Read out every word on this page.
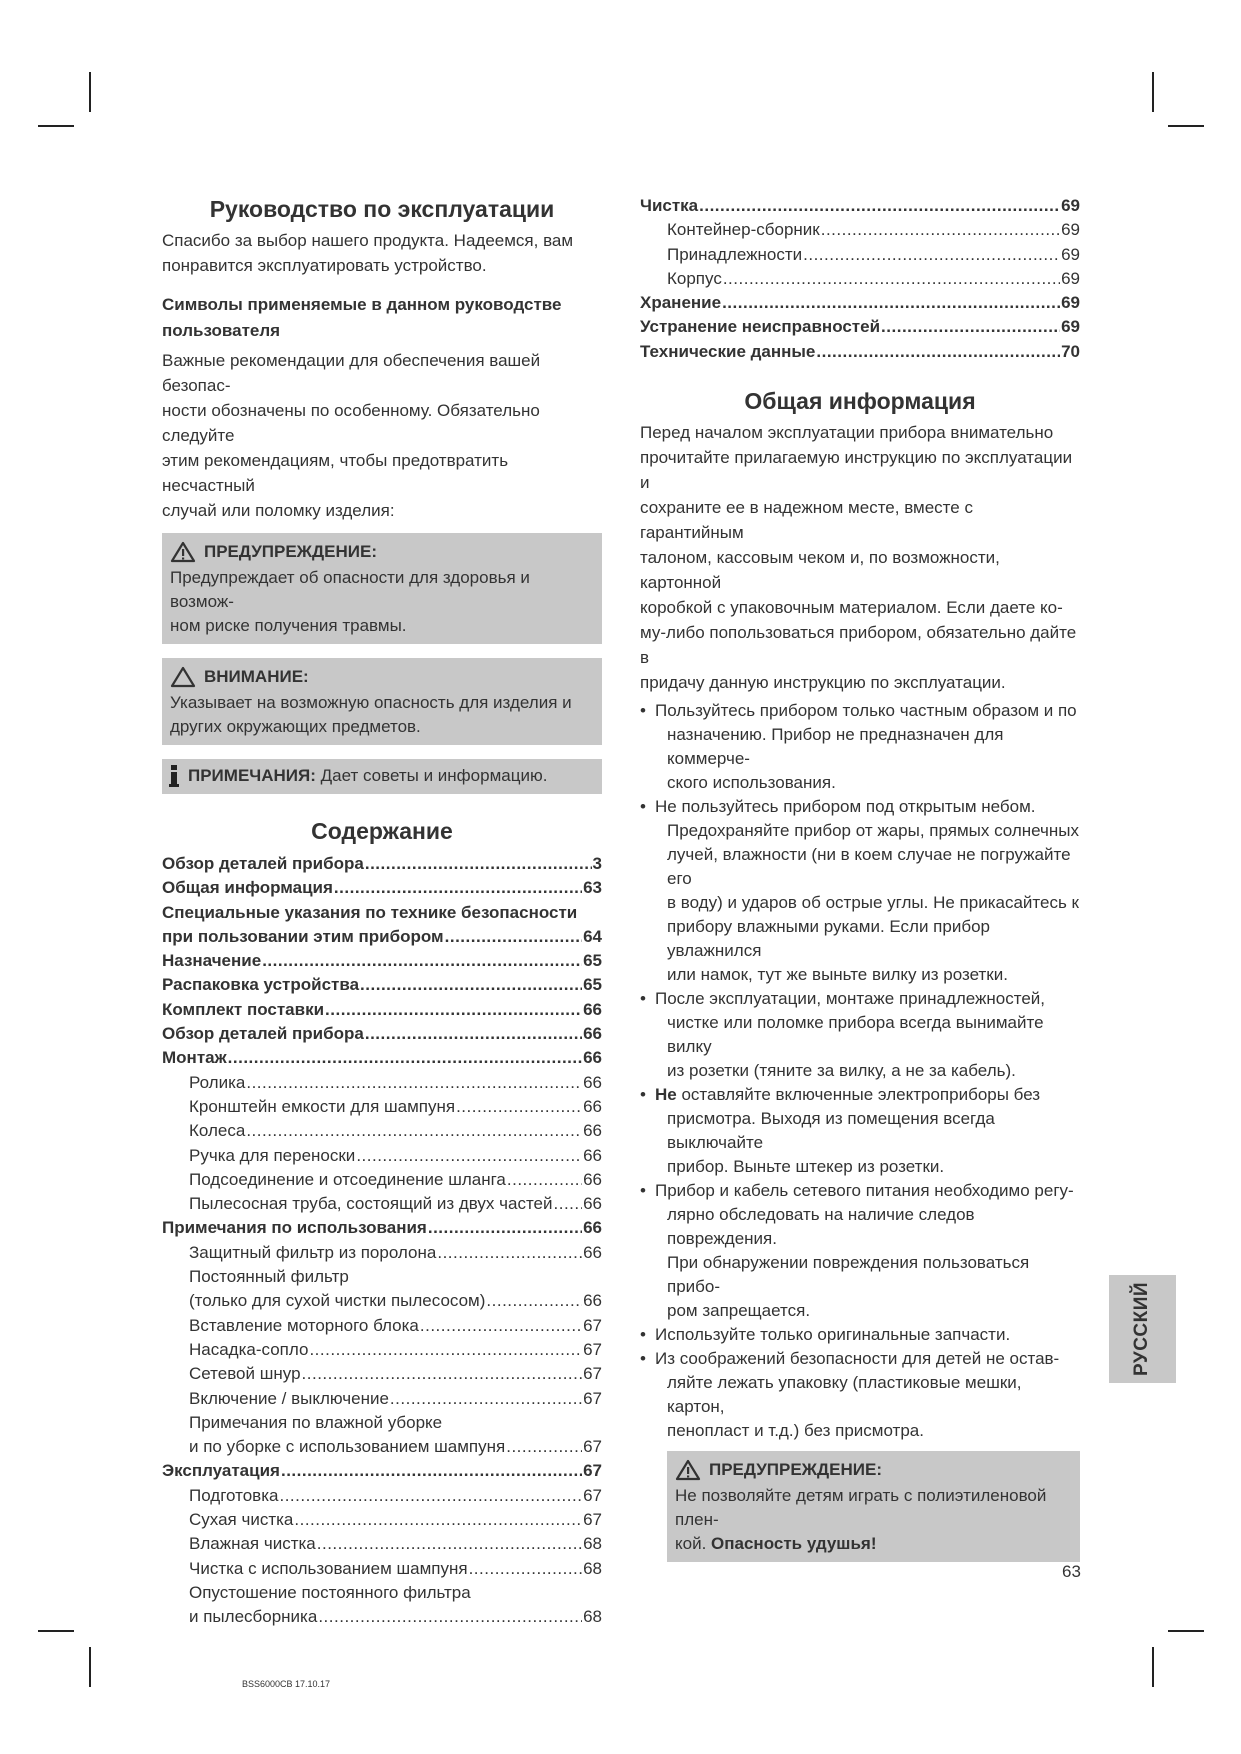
Руководство по эксплуатации

Спасибо за выбор нашего продукта. Надеемся, вам
понравится эксплуатировать устройство.

Символы применяемые в данном руководстве
пользователя

Важные рекомендации для обеспечения вашей безопас-
ности обозначены по особенному. Обязательно следуйте
этим рекомендациям, чтобы предотвратить несчастный
случай или поломку изделия:

ПРЕДУПРЕЖДЕНИЕ:
Предупреждает об опасности для здоровья и возмож-
ном риске получения травмы.
ВНИМАНИЕ:
Указывает на возможную опасность для изделия и
других окружающих предметов.
ПРИМЕЧАНИЯ: Дает советы и информацию.
Содержание
Обзор деталей прибора .....	3
Общая информация .....	63
Специальные указания по технике безопасности
при пользовании этим прибором .....	64
Назначение .....	65
Распаковка устройства .....	65
Комплект поставки .....	66
Обзор деталей прибора .....	66
Монтаж .....	66
Ролика .....	66
Кронштейн емкости для шампуня .....	66
Колеса .....	66
Ручка для переноски .....	66
Подсоединение и отсоединение шланга .....	66
Пылесосная труба, состоящий из двух частей ..... 66
Примечания по использования .....	66
Защитный фильтр из поролона .....	66
Постоянный фильтр
(только для сухой чистки пылесосом) .....	66
Вставление моторного блока .....	67
Насадка-сопло .....	67
Сетевой шнур .....	67
Включение / выключение .....	67
Примечания по влажной уборке
и по уборке с использованием шампуня .....	67
Эксплуатация .....	67
Подготовка .....	67
Сухая чистка .....	67
Влажная чистка .....	68
Чистка с использованием шампуня .....	68
Опустошение постоянного фильтра
и пылесборника .....	68
Чистка .....	69
Контейнер-сборник .....	69
Принадлежности .....	69
Корпус .....	69
Хранение .....	69
Устранение неисправностей .....	69
Технические данные .....	70
Общая информация

Перед началом эксплуатации прибора внимательно
прочитайте прилагаемую инструкцию по эксплуатации и
сохраните ее в надежном месте, вместе с гарантийным
талоном, кассовым чеком и, по возможности, картонной
коробкой с упаковочным материалом. Если даете ко-
му-либо попользоваться прибором, обязательно дайте в
придачу данную инструкцию по эксплуатации.

• Пользуйтесь прибором только частным образом и по
назначению. Прибор не предназначен для коммерче-
ского использования.
• Не пользуйтесь прибором под открытым небом.
Предохраняйте прибор от жары, прямых солнечных
лучей, влажности (ни в коем случае не погружайте его
в воду) и ударов об острые углы. Не прикасайтесь к
прибору влажными руками. Если прибор увлажнился
или намок, тут же выньте вилку из розетки.
• После эксплуатации, монтаже принадлежностей,
чистке или поломке прибора всегда вынимайте вилку
из розетки (тяните за вилку, а не за кабель).
• Не оставляйте включенные электроприборы без
присмотра. Выходя из помещения всегда выключайте
прибор. Выньте штекер из розетки.
• Прибор и кабель сетевого питания необходимо регу-
лярно обследовать на наличие следов повреждения.
При обнаружении повреждения пользоваться прибо-
ром запрещается.
• Используйте только оригинальные запчасти.
• Из соображений безопасности для детей не остав-
ляйте лежать упаковку (пластиковые мешки, картон,
пенопласт и т.д.) без присмотра.
ПРЕДУПРЕЖДЕНИЕ:
Не позволяйте детям играть с полиэтиленовой плен-
кой. Опасность удушья!
РУССКИЙ
63
BSS6000CB 17.10.17
